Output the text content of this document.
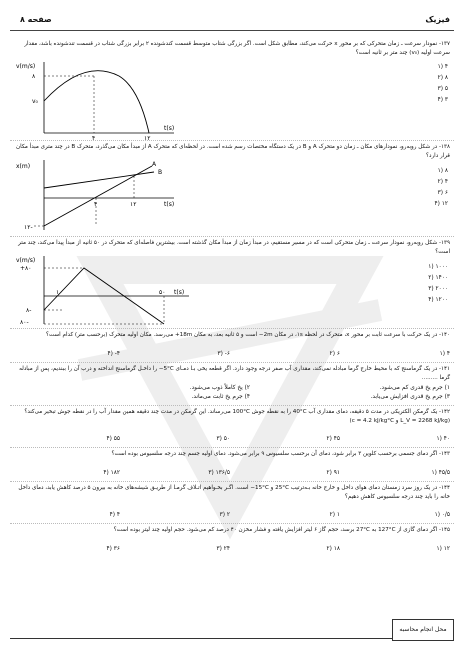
فیزیک
صفحه ۸
۱۳۷- نمودار سرعت ـ زمان متحرکی که بر محور x حرکت می‌کند، مطابق شکل است. اگر بزرگی شتاب متوسط قسمت کندشونده ۲ برابر بزرگی شتاب در قسمت تندشونده باشد، مقدار سرعت اولیه (v₀) چند متر بر ثانیه است؟
۴ (۱
۸ (۲
۵ (۳
۳ (۴
v(m/s)
t(s)
۸
v₀
۴	۱۲
۱۳۸- در شکل روبه‌رو، نمودارهای مکان ـ زمان دو متحرک A و B در یک دستگاه مختصات رسم شده است. در لحظه‌ای که متحرک A از مبدأ مکان می‌گذرد، متحرک B در چند متری مبدأ مکان قرار دارد؟
۸ (۱
۴ (۲
۶ (۳
۱۲ (۴
x(m)
t(s)
۱۲-
۴	۱۲
A
B
۱۳۹- شکل روبه‌رو، نمودار سرعت ـ زمان متحرکی است که در مسیر مستقیم، در مبدأ زمان از مبدأ مکان گذشته است. بیشترین فاصله‌ای که متحرک در ۵۰ ثانیه از مبدأ پیدا می‌کند، چند متر است؟
۱۰۰۰ (۱
۱۴۰۰ (۲
۲۰۰۰ (۳
۱۲۰۰ (۴
v(m/s)
t(s)
+۸۰
۸-
۸۰-
۱۰	۵۰
۱۴۰- در یک حرکت با سرعت ثابت بر محور x، متحرک در لحظه ۱s، در مکان ‎−2m‎ است و ۵ ثانیه بعد، به مکان ‎+18m‎ می‌رسد. مکان اولیه متحرک (برحسب متر) کدام است؟
۴ (۱
۶ (۲
۶- (۳
۴- (۴
۱۴۱- در یک گرماسنج که با محیط خارج گرما مبادله نمی‌کند، مقداری آب صفر درجه وجود دارد. اگر قطعه یخی بـا دمـای ‎−5°C‎ را داخـل گرماسنج انداخته و درب آن را ببندیم، پس از مبادله گرما .........
۱) جرم یخ قدری کم می‌شود.
۲) یخ کاملاً ذوب می‌شود.
۳) جرم یخ قدری افزایش می‌یابد.
۴) جرم یخ ثابت می‌ماند.
۱۴۲- یک گرمکن الکتریکی در مدت ۵ دقیقه، دمای مقداری آب ‎40°C‎ را به نقطه جوش ‎100°C‎ می‌رساند. این گرمکن در مدت چند دقیقه همین مقدار آب را در نقطه جوش تبخیر می‌کند؟ (‎L_V = 2268 kJ/kg‎ و ‎c = 4.2 kJ/kg°C‎)
۴۰ (۱
۴۵ (۲
۵۰ (۳
۵۵ (۴
۱۴۳- اگر دمای جسمی برحسب کلوین ۳ برابر شود، دمای آن برحسب سلسیوس ۹ برابر می‌شود. دمای اولیه جسم چند درجه سلسیوس بوده است؟
۴۵/۵ (۱
۹۱ (۲
۱۳۶/۵ (۳
۱۸۲ (۴
۱۴۴- در یک روز سرد زمستان دمای هوای داخل و خارج خانه بـه‌ترتیب ‎25°C‎ و ‎−15°C‎ است. اگـر بخـواهیم اتـلاف گرمـا از طریـق شیشه‌های خانه به بیرون ۵ درصد کاهش یابد، دمای داخل خانه را باید چند درجه سلسیوس کاهش دهیم؟
۰/۵ (۱
۱ (۲
۲ (۳
۴ (۴
۱۴۵- اگر دمای گازی از ‎127°C‎ به ‎27°C‎ برسد، حجم گاز ۶ لیتر افزایش یافته و فشار مخزن ۴۰ درصد کم می‌شود. حجم اولیه چند لیتر بوده است؟
۱۲ (۱
۱۸ (۲
۲۴ (۳
۳۶ (۴
محل انجام محاسبه
